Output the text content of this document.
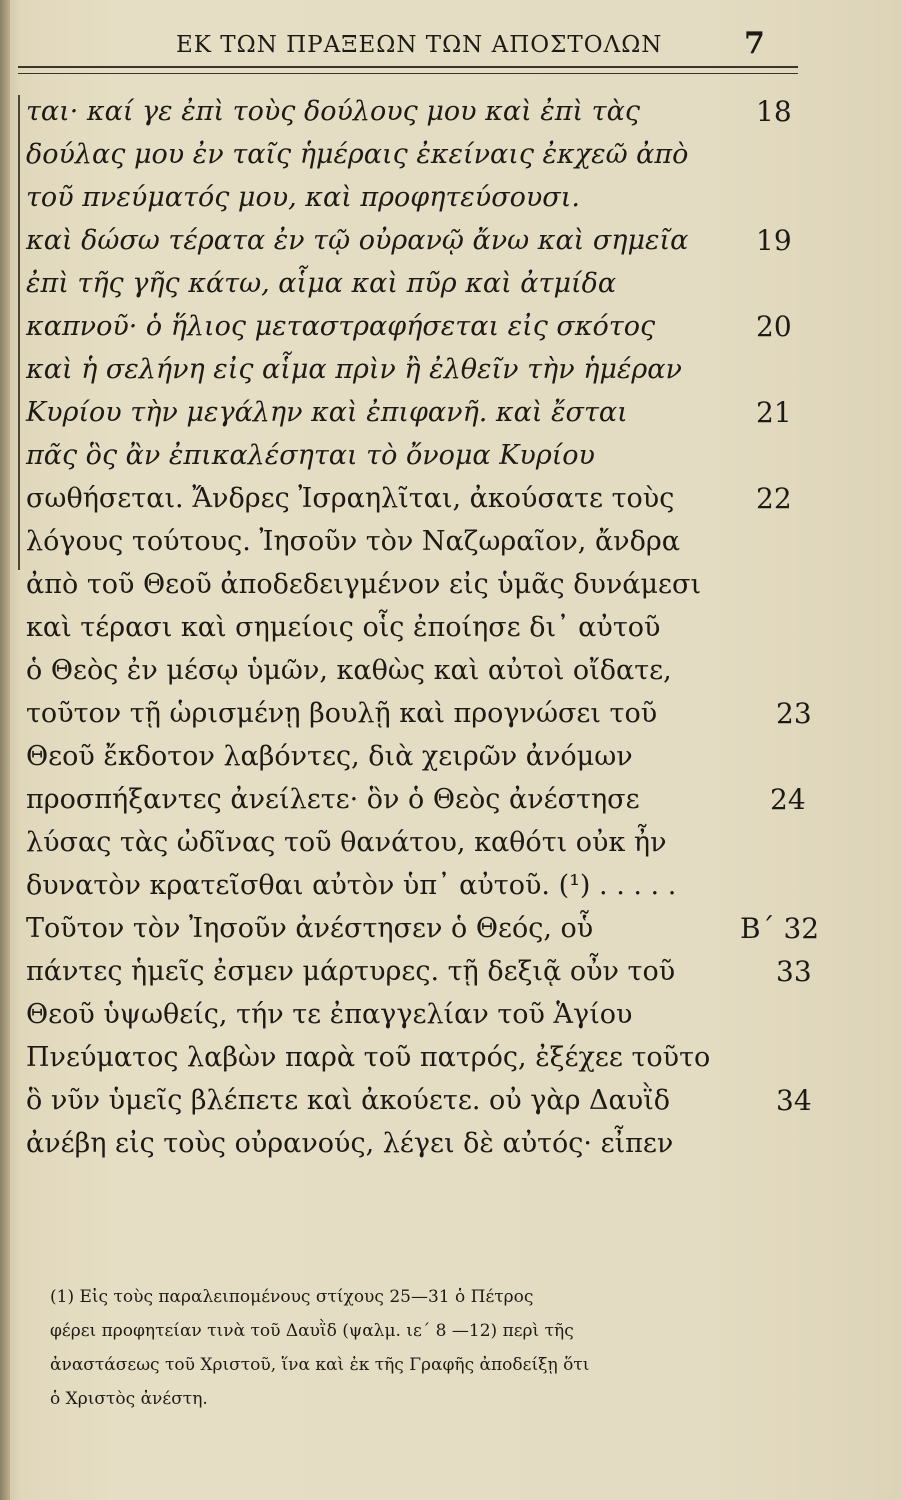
ΕΚ ΤΩΝ ΠΡΑΞΕΩΝ ΤΩΝ ΑΠΟΣΤΟΛΩΝ	7
ται· καί γε ἐπὶ τοὺς δούλους μου καὶ ἐπὶ τὰς
δούλας μου ἐν ταῖς ἡμέραις ἐκείναις ἐκχεῶ ἀπὸ
τοῦ πνεύματός μου, καὶ προφητεύσουσι.
καὶ δώσω τέρατα ἐν τῷ οὐρανῷ ἄνω καὶ σημεῖα
ἐπὶ τῆς γῆς κάτω, αἷμα καὶ πῦρ καὶ ἀτμίδα
καπνοῦ· ὁ ἥλιος μεταστραφήσεται εἰς σκότος
καὶ ἡ σελήνη εἰς αἷμα πρὶν ἢ ἐλθεῖν τὴν ἡμέραν
Κυρίου τὴν μεγάλην καὶ ἐπιφανῆ. καὶ ἔσται
πᾶς ὃς ἂν ἐπικαλέσηται τὸ ὄνομα Κυρίου
σωθήσεται. Ἄνδρες Ἰσραηλῖται, ἀκούσατε τοὺς
λόγους τούτους. Ἰησοῦν τὸν Ναζωραῖον, ἄνδρα
ἀπὸ τοῦ Θεοῦ ἀποδεδειγμένον εἰς ὑμᾶς δυνάμεσι
καὶ τέρασι καὶ σημείοις οἷς ἐποίησε δι᾽ αὐτοῦ
ὁ Θεὸς ἐν μέσῳ ὑμῶν, καθὼς καὶ αὐτοὶ οἴδατε,
τοῦτον τῇ ὡρισμένῃ βουλῇ καὶ προγνώσει τοῦ
Θεοῦ ἔκδοτον λαβόντες, διὰ χειρῶν ἀνόμων
προσπήξαντες ἀνείλετε· ὃν ὁ Θεὸς ἀνέστησε
λύσας τὰς ὠδῖνας τοῦ θανάτου, καθότι οὐκ ἦν
δυνατὸν κρατεῖσθαι αὐτὸν ὑπ᾽ αὐτοῦ. (¹) . . . . .
Τοῦτον τὸν Ἰησοῦν ἀνέστησεν ὁ Θεός, οὗ
πάντες ἡμεῖς ἐσμεν μάρτυρες. τῇ δεξιᾷ οὖν τοῦ
Θεοῦ ὑψωθείς, τήν τε ἐπαγγελίαν τοῦ Ἁγίου
Πνεύματος λαβὼν παρὰ τοῦ πατρός, ἐξέχεε τοῦτο
ὃ νῦν ὑμεῖς βλέπετε καὶ ἀκούετε. οὐ γὰρ Δαυῒδ
ἀνέβη εἰς τοὺς οὐρανούς, λέγει δὲ αὐτός· εἶπεν
18
19
20
21
22
23
24
Β΄ 32
33
34
(1) Εἰς τοὺς παραλειπομένους στίχους 25—31 ὁ Πέτρος
φέρει προφητείαν τινὰ τοῦ Δαυῒδ (ψαλμ. ιε΄ 8 —12) περὶ τῆς
ἀναστάσεως τοῦ Χριστοῦ, ἵνα καὶ ἐκ τῆς Γραφῆς ἀποδείξῃ ὅτι
ὁ Χριστὸς ἀνέστη.
